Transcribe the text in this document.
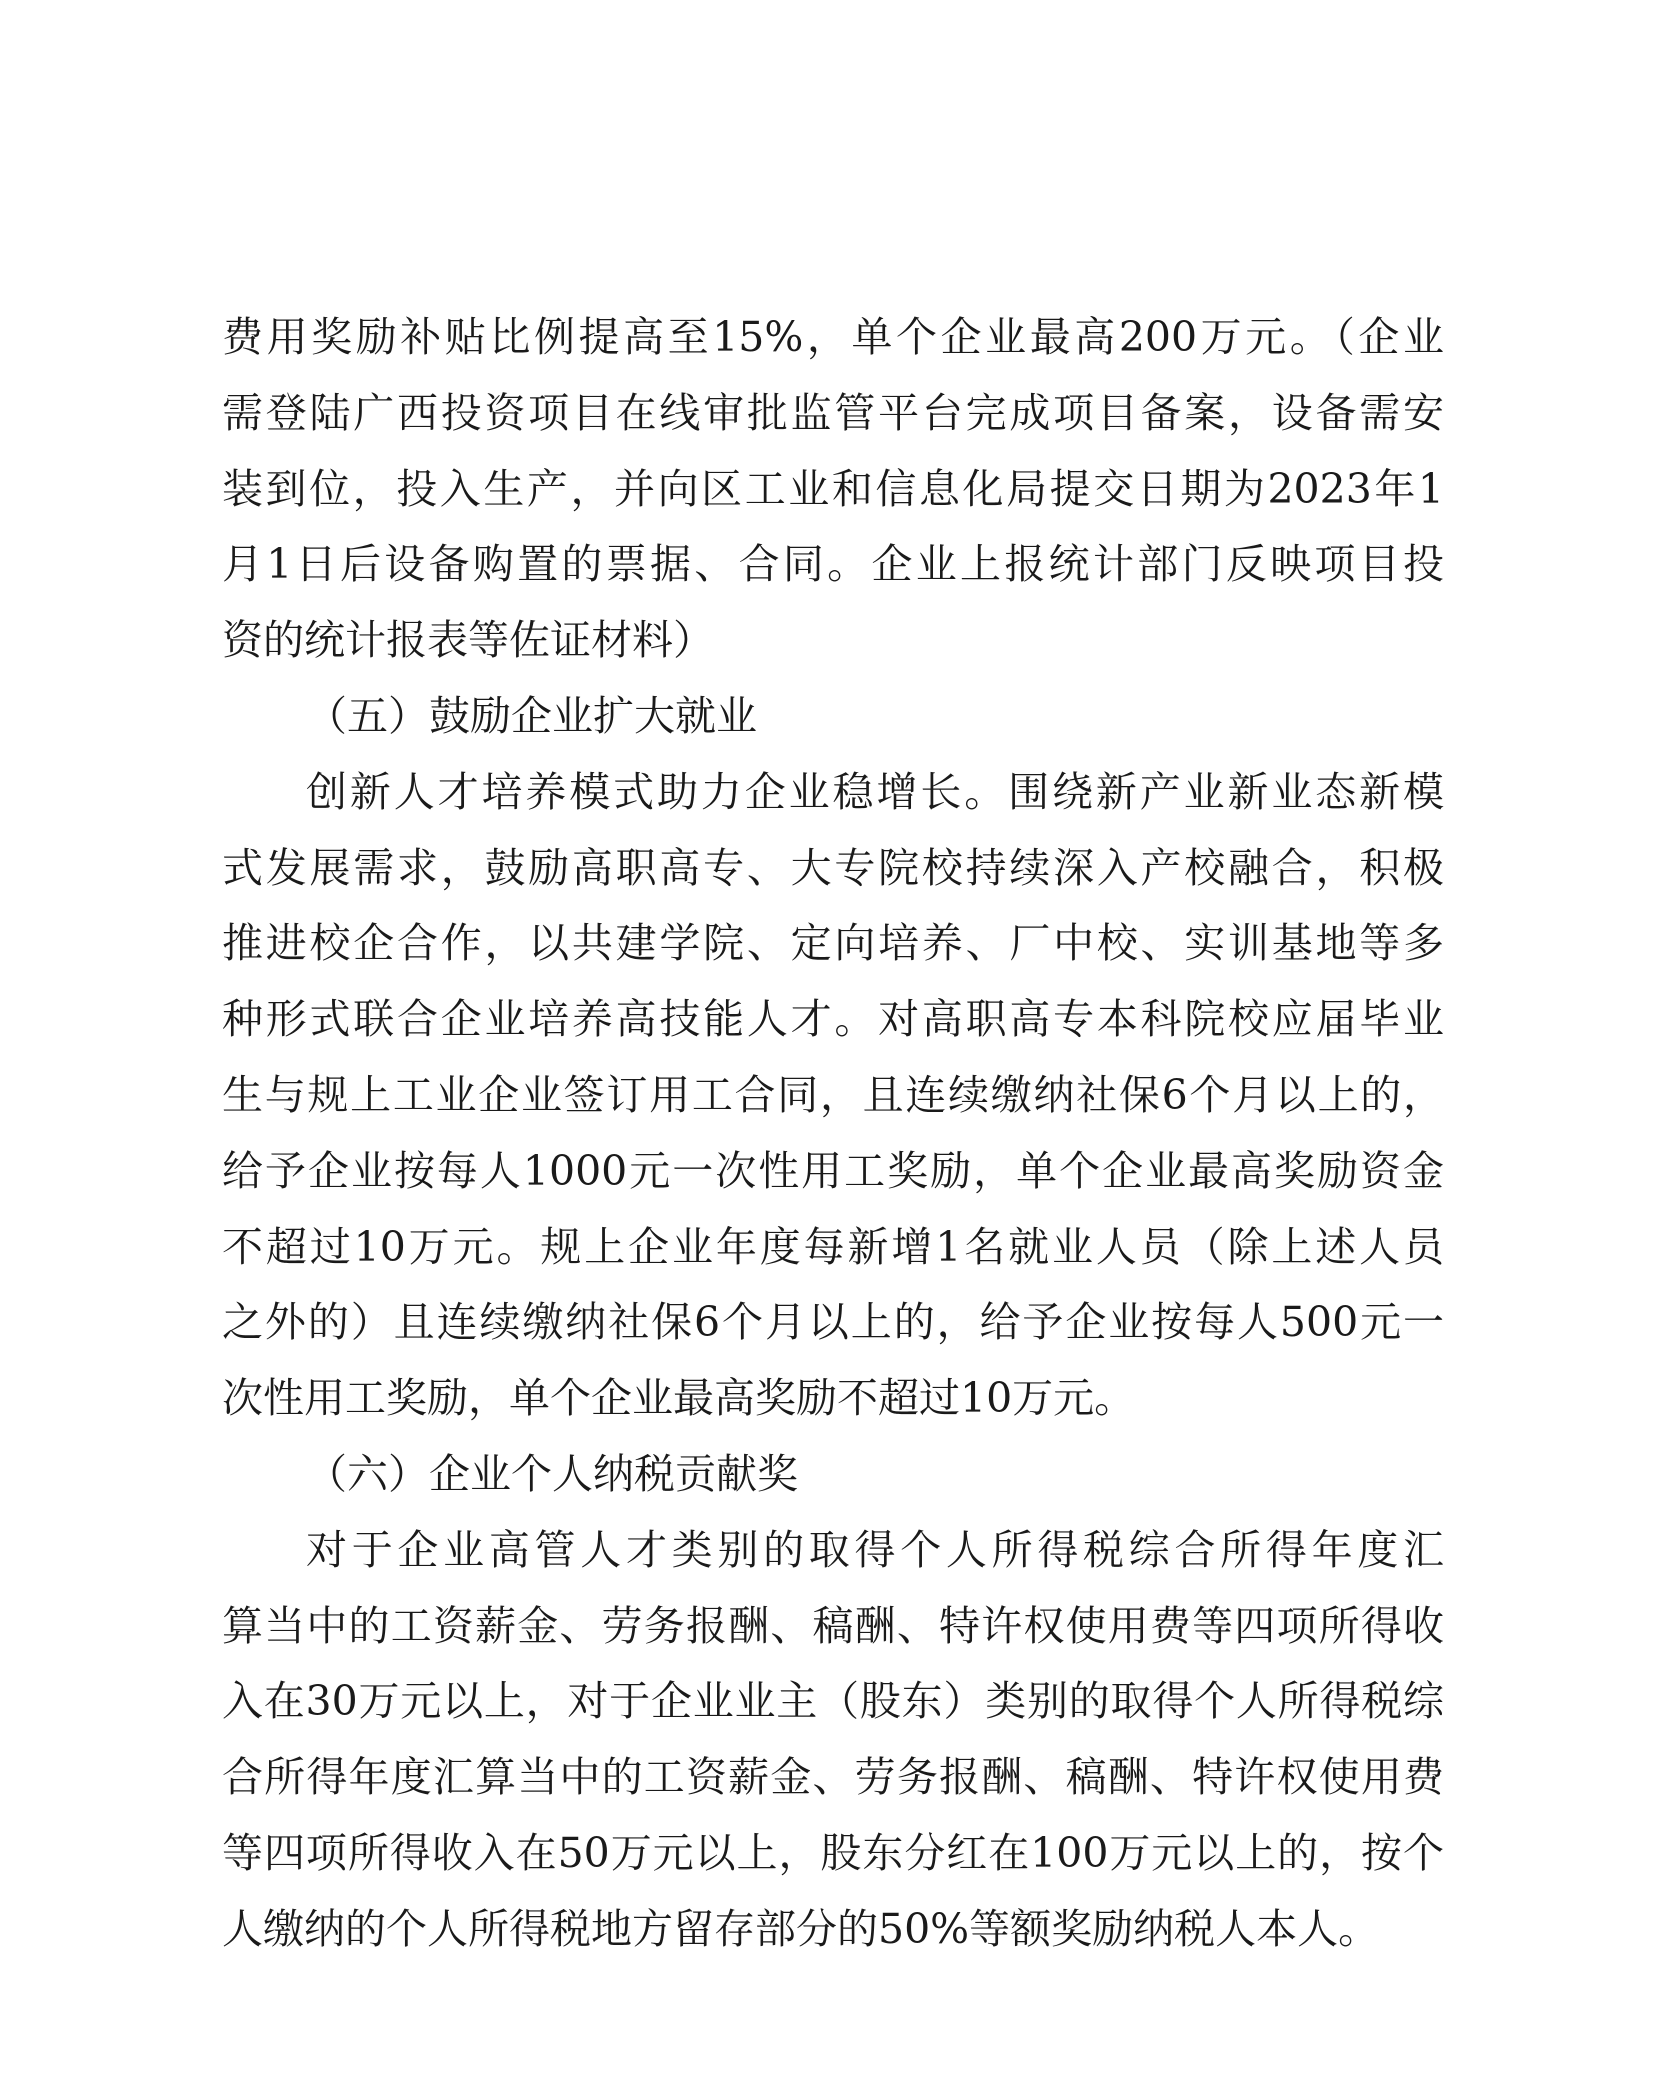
费用奖励补贴比例提高至15%，单个企业最高200万元。（企业
需登陆广西投资项目在线审批监管平台完成项目备案，设备需安
装到位，投入生产，并向区工业和信息化局提交日期为2023年1
月1日后设备购置的票据、合同。企业上报统计部门反映项目投
资的统计报表等佐证材料）
（五）鼓励企业扩大就业
创新人才培养模式助力企业稳增长。围绕新产业新业态新模
式发展需求，鼓励高职高专、大专院校持续深入产校融合，积极
推进校企合作，以共建学院、定向培养、厂中校、实训基地等多
种形式联合企业培养高技能人才。对高职高专本科院校应届毕业
生与规上工业企业签订用工合同，且连续缴纳社保6个月以上的，
给予企业按每人1000元一次性用工奖励，单个企业最高奖励资金
不超过10万元。规上企业年度每新增1名就业人员（除上述人员
之外的）且连续缴纳社保6个月以上的，给予企业按每人500元一
次性用工奖励，单个企业最高奖励不超过10万元。
（六）企业个人纳税贡献奖
对于企业高管人才类别的取得个人所得税综合所得年度汇
算当中的工资薪金、劳务报酬、稿酬、特许权使用费等四项所得收
入在30万元以上，对于企业业主（股东）类别的取得个人所得税综
合所得年度汇算当中的工资薪金、劳务报酬、稿酬、特许权使用费
等四项所得收入在50万元以上，股东分红在100万元以上的，按个
人缴纳的个人所得税地方留存部分的50%等额奖励纳税人本人。
